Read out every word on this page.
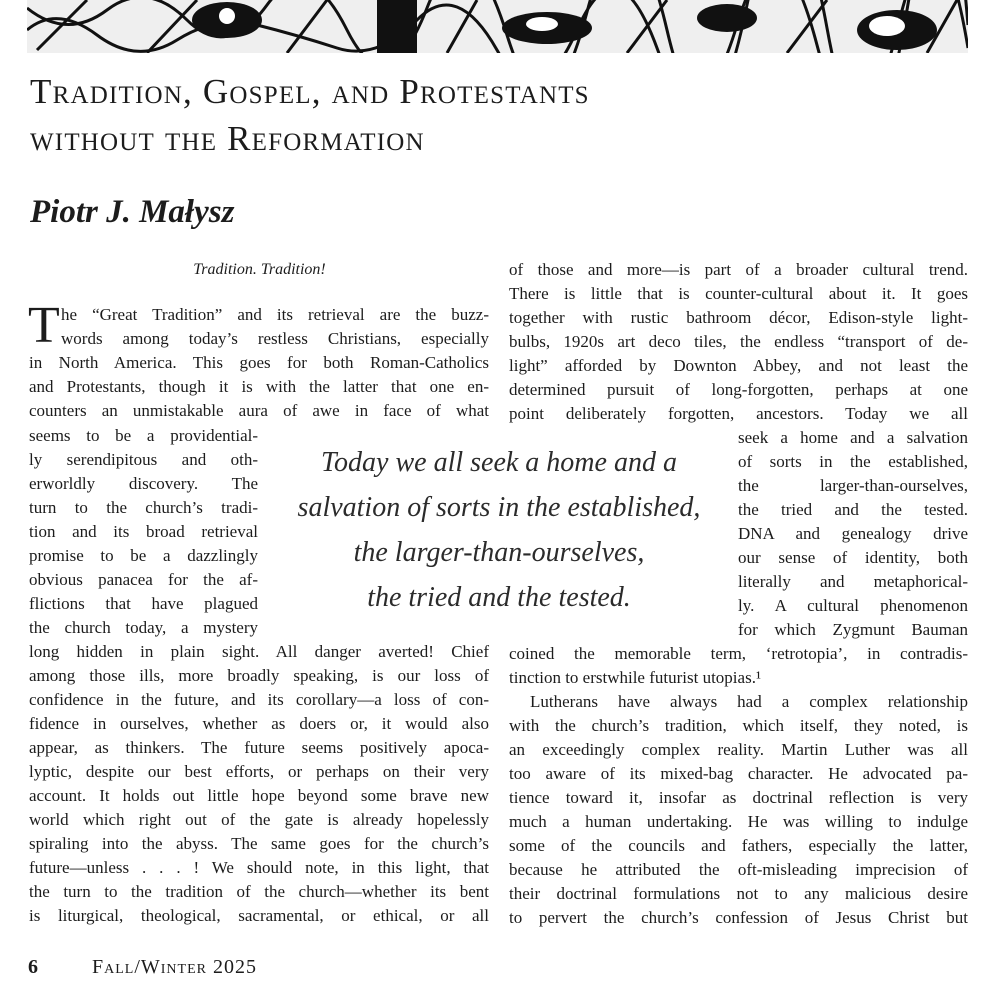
Tradition, Gospel, and Protestants
without the Reformation
Piotr J. Małysz
Tradition. Tradition!
T he “Great Tradition” and its retrieval are the buzz-
words among today’s restless Christians, especially
in North America. This goes for both Roman-Catholics
and Protestants, though it is with the latter that one en-
counters an unmistakable aura of awe in face of what
seems to be a providential-
ly serendipitous and oth-
erworldly discovery. The
turn to the church’s tradi-
tion and its broad retrieval
promise to be a dazzlingly
obvious panacea for the af-
flictions that have plagued
the church today, a mystery
long hidden in plain sight. All danger averted! Chief
among those ills, more broadly speaking, is our loss of
confidence in the future, and its corollary—a loss of con-
fidence in ourselves, whether as doers or, it would also
appear, as thinkers. The future seems positively apoca-
lyptic, despite our best efforts, or perhaps on their very
account. It holds out little hope beyond some brave new
world which right out of the gate is already hopelessly
spiraling into the abyss. The same goes for the church’s
future—unless . . . ! We should note, in this light, that
the turn to the tradition of the church—whether its bent
is liturgical, theological, sacramental, or ethical, or all
of those and more—is part of a broader cultural trend.
There is little that is counter-cultural about it. It goes
together with rustic bathroom décor, Edison-style light-
bulbs, 1920s art deco tiles, the endless “transport of de-
light” afforded by Downton Abbey, and not least the
determined pursuit of long-forgotten, perhaps at one
point deliberately forgotten, ancestors. Today we all
seek a home and a salvation
of sorts in the established,
the larger-than-ourselves,
the tried and the tested.
DNA and genealogy drive
our sense of identity, both
literally and metaphorical-
ly. A cultural phenomenon
for which Zygmunt Bauman
coined the memorable term, ‘retrotopia’, in contradis-
tinction to erstwhile futurist utopias.¹
Lutherans have always had a complex relationship
with the church’s tradition, which itself, they noted, is
an exceedingly complex reality. Martin Luther was all
too aware of its mixed-bag character. He advocated pa-
tience toward it, insofar as doctrinal reflection is very
much a human undertaking. He was willing to indulge
some of the councils and fathers, especially the latter,
because he attributed the oft-misleading imprecision of
their doctrinal formulations not to any malicious desire
to pervert the church’s confession of Jesus Christ but
Today we all seek a home and a
salvation of sorts in the established,
the larger-than-ourselves,
the tried and the tested.
6	Fall/Winter 2025
